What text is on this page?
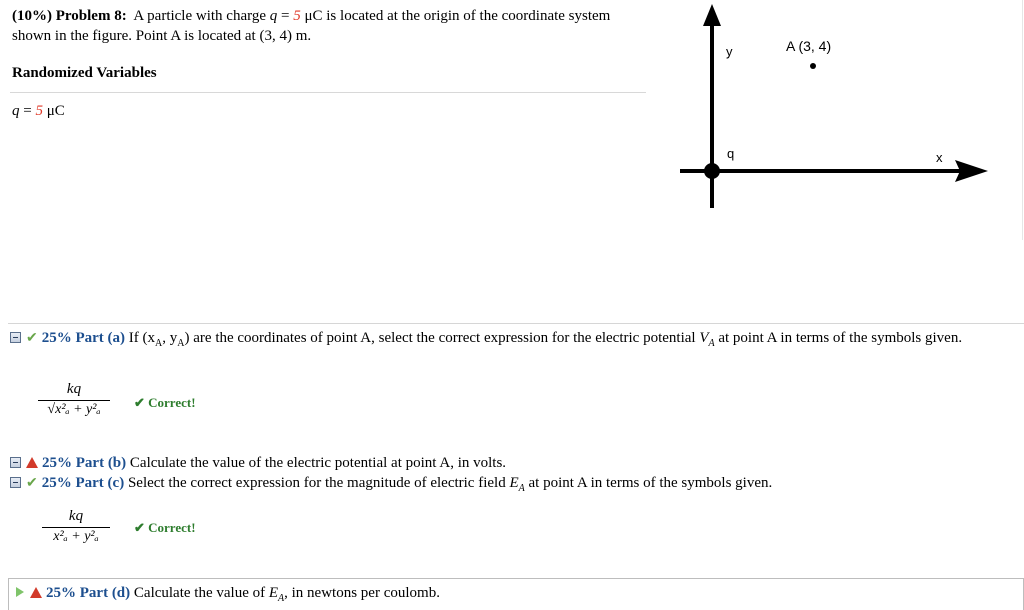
(10%) Problem 8: A particle with charge q = 5 μC is located at the origin of the coordinate system shown in the figure. Point A is located at (3, 4) m.
Randomized Variables
q = 5 μC
y
x
q
A (3, 4)
✔ 25% Part (a) If ($x_A$, $y_A$) are the coordinates of point A, select the correct expression for the electric potential $V_A$ at point A in terms of the symbols given.
kq
√x²ₐ + y²ₐ	✔ Correct!
25% Part (b) Calculate the value of the electric potential at point A, in volts.
✔ 25% Part (c) Select the correct expression for the magnitude of electric field $E_A$ at point A in terms of the symbols given.
kq
x²ₐ + y²ₐ
✔ Correct!
25% Part (d) Calculate the value of $E_A$, in newtons per coulomb.
